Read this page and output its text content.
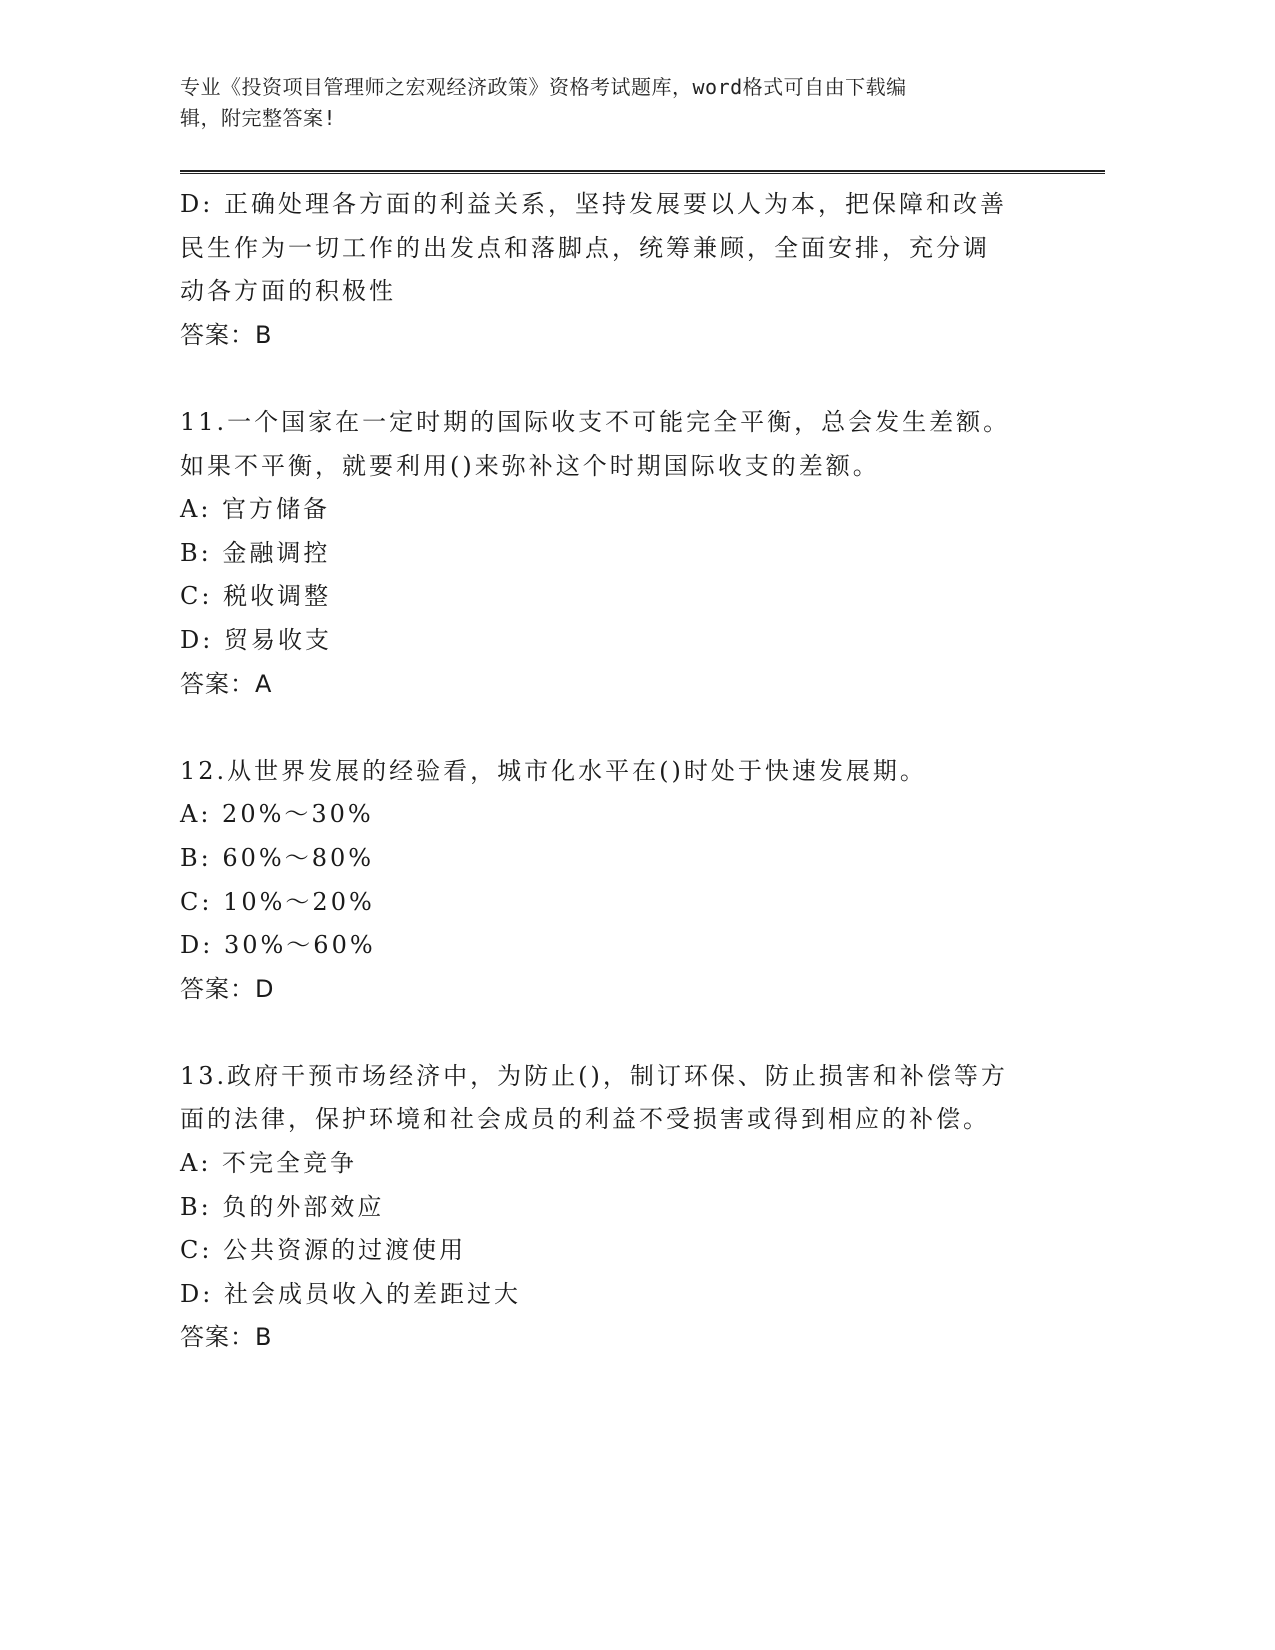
专业《投资项目管理师之宏观经济政策》资格考试题库，word格式可自由下载编
辑，附完整答案!
D: 正确处理各方面的利益关系，坚持发展要以人为本，把保障和改善
民生作为一切工作的出发点和落脚点，统筹兼顾，全面安排，充分调
动各方面的积极性
答案：B
11.一个国家在一定时期的国际收支不可能完全平衡，总会发生差额。
如果不平衡，就要利用()来弥补这个时期国际收支的差额。
A: 官方储备
B: 金融调控
C: 税收调整
D: 贸易收支
答案：A
12.从世界发展的经验看，城市化水平在()时处于快速发展期。
A: 20%～30%
B: 60%～80%
C: 10%～20%
D: 30%～60%
答案：D
13.政府干预市场经济中，为防止()，制订环保、防止损害和补偿等方
面的法律，保护环境和社会成员的利益不受损害或得到相应的补偿。
A: 不完全竞争
B: 负的外部效应
C: 公共资源的过渡使用
D: 社会成员收入的差距过大
答案：B
